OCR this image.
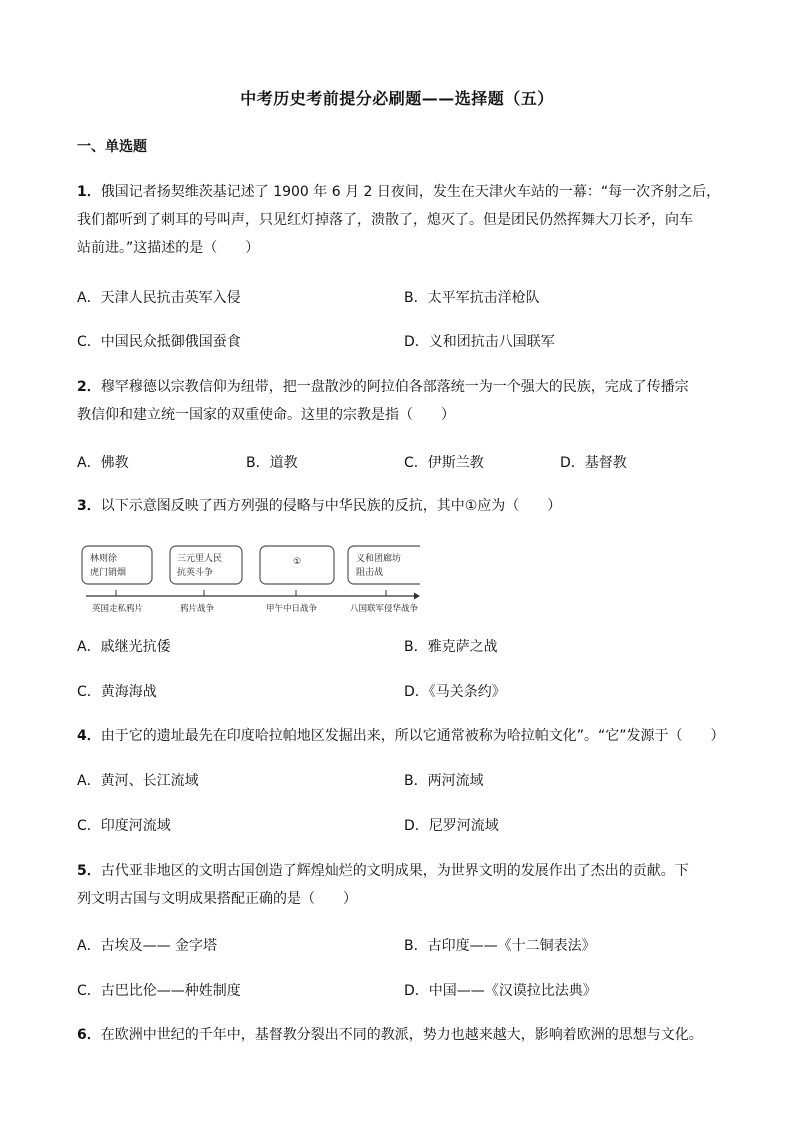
中考历史考前提分必刷题——选择题（五）
一、单选题
1．俄国记者扬契维茨基记述了 1900 年 6 月 2 日夜间，发生在天津火车站的一幕：“每一次齐射之后，
我们都听到了刺耳的号叫声，只见红灯掉落了，溃散了，熄灭了。但是团民仍然挥舞大刀长矛，向车
站前进。”这描述的是（　　）
A．天津人民抗击英军入侵	B．太平军抗击洋枪队
C．中国民众抵御俄国蚕食	D．义和团抗击八国联军
2．穆罕穆德以宗教信仰为纽带，把一盘散沙的阿拉伯各部落统一为一个强大的民族，完成了传播宗
教信仰和建立统一国家的双重使命。这里的宗教是指（　　）
A．佛教	B．道教	C．伊斯兰教	D．基督教
3．以下示意图反映了西方列强的侵略与中华民族的反抗，其中①应为（　　）
林则徐
虎门销烟
三元里人民
抗英斗争
①	义和团廊坊
阻击战
英国走私鸦片	鸦片战争	甲午中日战争	八国联军侵华战争
A．戚继光抗倭	B．雅克萨之战
C．黄海海战	D．《马关条约》
4．由于它的遗址最先在印度哈拉帕地区发掘出来，所以它通常被称为哈拉帕文化”。“它”发源于（　　）
A．黄河、长江流域	B．两河流域
C．印度河流域	D．尼罗河流域
5．古代亚非地区的文明古国创造了辉煌灿烂的文明成果，为世界文明的发展作出了杰出的贡献。下
列文明古国与文明成果搭配正确的是（　　）
A．古埃及—— 金字塔	B．古印度——《十二铜表法》
C．古巴比伦——种姓制度	D．中国——《汉谟拉比法典》
6．在欧洲中世纪的千年中，基督教分裂出不同的教派，势力也越来越大，影响着欧洲的思想与文化。
